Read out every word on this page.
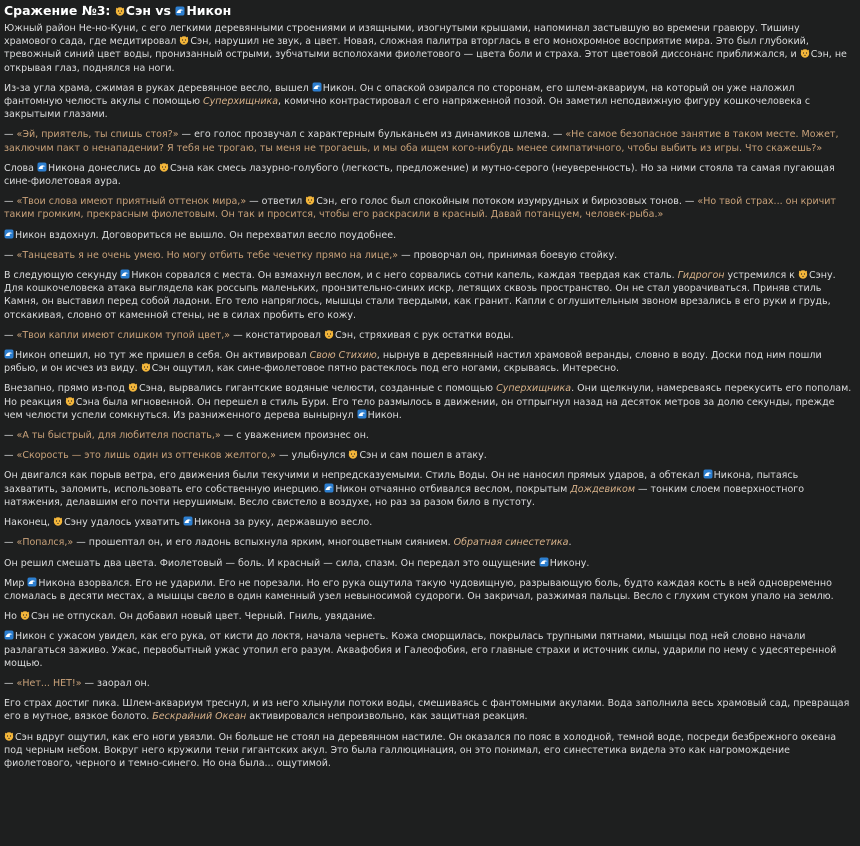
Сражение №3: Сэн vs Никон

Южный район Не-но-Куни, с его легкими деревянными строениями и изящными, изогнутыми крышами, напоминал застывшую во времени гравюру. Тишину храмового сада, где медитировал Сэн, нарушил не звук, а цвет. Новая, сложная палитра вторглась в его монохромное восприятие мира. Это был глубокий, тревожный синий цвет воды, пронизанный острыми, зубчатыми всполохами фиолетового — цвета боли и страха. Этот цветовой диссонанс приближался, и Сэн, не открывая глаз, поднялся на ноги.

Из-за угла храма, сжимая в руках деревянное весло, вышел Никон. Он с опаской озирался по сторонам, его шлем-аквариум, на который он уже наложил фантомную челюсть акулы с помощью Суперхищника, комично контрастировал с его напряженной позой. Он заметил неподвижную фигуру кошкочеловека с закрытыми глазами.

— «Эй, приятель, ты спишь стоя?» — его голос прозвучал с характерным бульканьем из динамиков шлема. — «Не самое безопасное занятие в таком месте. Может, заключим пакт о ненападении? Я тебя не трогаю, ты меня не трогаешь, и мы оба ищем кого-нибудь менее симпатичного, чтобы выбить из игры. Что скажешь?»

Слова Никона донеслись до Сэна как смесь лазурно-голубого (легкость, предложение) и мутно-серого (неуверенность). Но за ними стояла та самая пугающая сине-фиолетовая аура.

— «Твои слова имеют приятный оттенок мира,» — ответил Сэн, его голос был спокойным потоком изумрудных и бирюзовых тонов. — «Но твой страх... он кричит таким громким, прекрасным фиолетовым. Он так и просится, чтобы его раскрасили в красный. Давай потанцуем, человек-рыба.»

Никон вздохнул. Договориться не вышло. Он перехватил весло поудобнее.

— «Танцевать я не очень умею. Но могу отбить тебе чечетку прямо на лице,» — проворчал он, принимая боевую стойку.

В следующую секунду Никон сорвался с места. Он взмахнул веслом, и с него сорвались сотни капель, каждая твердая как сталь. Гидрогон устремился к Сэну. Для кошкочеловека атака выглядела как россыпь маленьких, пронзительно-синих искр, летящих сквозь пространство. Он не стал уворачиваться. Приняв стиль Камня, он выставил перед собой ладони. Его тело напряглось, мышцы стали твердыми, как гранит. Капли с оглушительным звоном врезались в его руки и грудь, отскакивая, словно от каменной стены, не в силах пробить его кожу.

— «Твои капли имеют слишком тупой цвет,» — констатировал Сэн, стряхивая с рук остатки воды.

Никон опешил, но тут же пришел в себя. Он активировал Свою Стихию, нырнув в деревянный настил храмовой веранды, словно в воду. Доски под ним пошли рябью, и он исчез из виду. Сэн ощутил, как сине-фиолетовое пятно растеклось под его ногами, скрываясь. Интересно.

Внезапно, прямо из-под Сэна, вырвались гигантские водяные челюсти, созданные с помощью Суперхищника. Они щелкнули, намереваясь перекусить его пополам. Но реакция Сэна была мгновенной. Он перешел в стиль Бури. Его тело размылось в движении, он отпрыгнул назад на десяток метров за долю секунды, прежде чем челюсти успели сомкнуться. Из разниженного дерева вынырнул Никон.

— «А ты быстрый, для любителя поспать,» — с уважением произнес он.

— «Скорость — это лишь один из оттенков желтого,» — улыбнулся Сэн и сам пошел в атаку.

Он двигался как порыв ветра, его движения были текучими и непредсказуемыми. Стиль Воды. Он не наносил прямых ударов, а обтекал Никона, пытаясь захватить, заломить, использовать его собственную инерцию. Никон отчаянно отбивался веслом, покрытым Дождевиком — тонким слоем поверхностного натяжения, делавшим его почти нерушимым. Весло свистело в воздухе, но раз за разом било в пустоту.

Наконец, Сэну удалось ухватить Никона за руку, державшую весло.

— «Попался,» — прошептал он, и его ладонь вспыхнула ярким, многоцветным сиянием. Обратная синестетика.

Он решил смешать два цвета. Фиолетовый — боль. И красный — сила, спазм. Он передал это ощущение Никону.

Мир Никона взорвался. Его не ударили. Его не порезали. Но его рука ощутила такую чудовищную, разрывающую боль, будто каждая кость в ней одновременно сломалась в десяти местах, а мышцы свело в один каменный узел невыносимой судороги. Он закричал, разжимая пальцы. Весло с глухим стуком упало на землю.

Но Сэн не отпускал. Он добавил новый цвет. Черный. Гниль, увядание.

Никон с ужасом увидел, как его рука, от кисти до локтя, начала чернеть. Кожа сморщилась, покрылась трупными пятнами, мышцы под ней словно начали разлагаться заживо. Ужас, первобытный ужас утопил его разум. Аквафобия и Галеофобия, его главные страхи и источник силы, ударили по нему с удесятеренной мощью.

— «Нет... НЕТ!» — заорал он.

Его страх достиг пика. Шлем-аквариум треснул, и из него хлынули потоки воды, смешиваясь с фантомными акулами. Вода заполнила весь храмовый сад, превращая его в мутное, вязкое болото. Бескрайний Океан активировался непроизвольно, как защитная реакция.

Сэн вдруг ощутил, как его ноги увязли. Он больше не стоял на деревянном настиле. Он оказался по пояс в холодной, темной воде, посреди безбрежного океана под черным небом. Вокруг него кружили тени гигантских акул. Это была галлюцинация, он это понимал, его синестетика видела это как нагромождение фиолетового, черного и темно-синего. Но она была... ощутимой.
